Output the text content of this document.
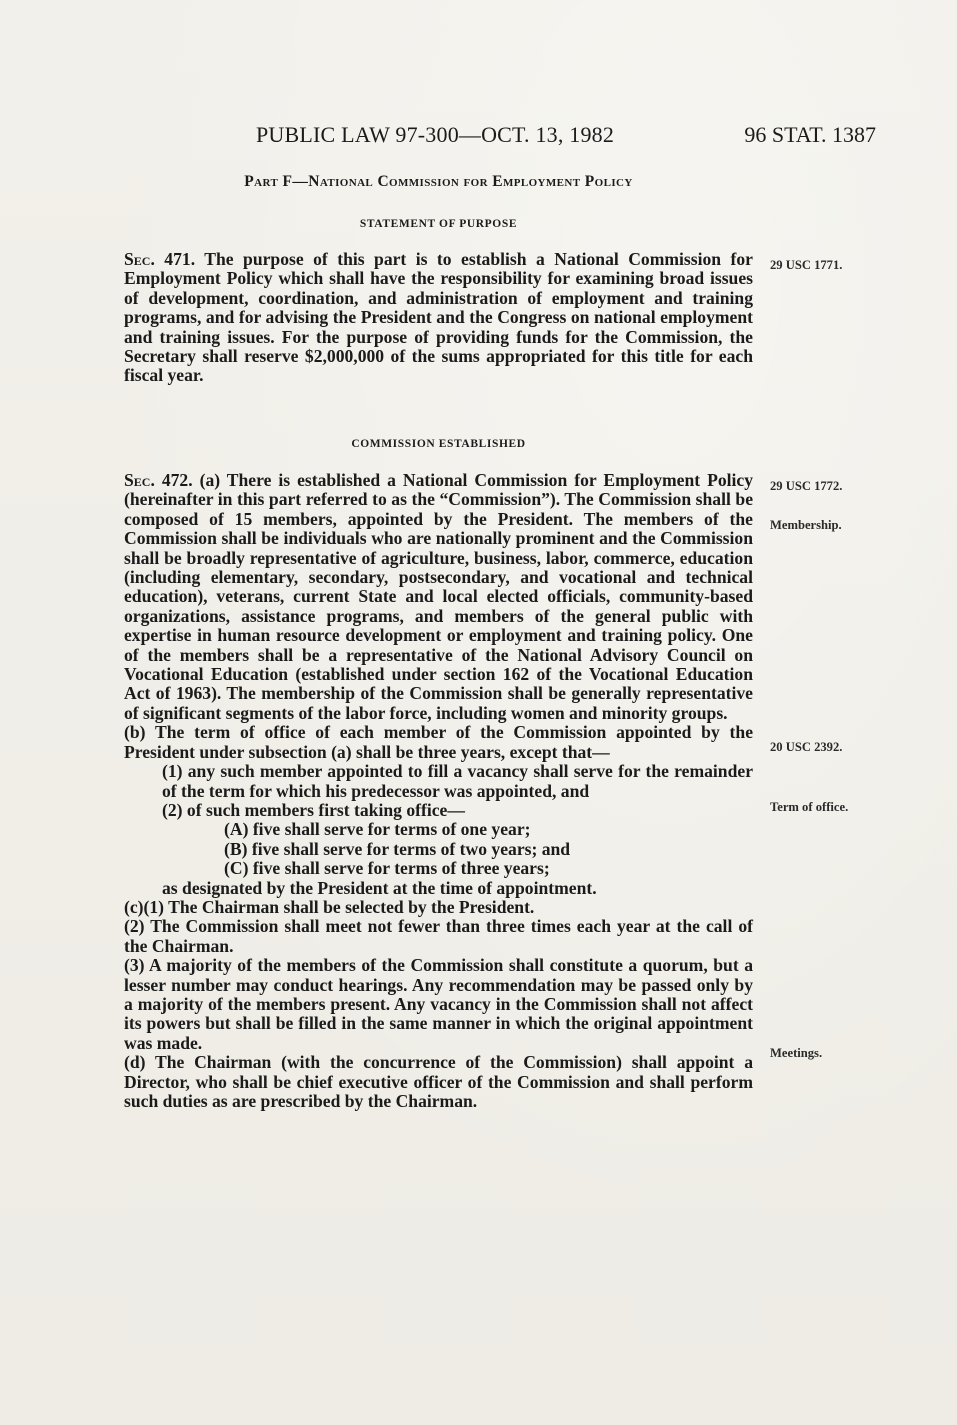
PUBLIC LAW 97-300—OCT. 13, 1982	96 STAT. 1387
Part F—National Commission for Employment Policy
STATEMENT OF PURPOSE

Sec. 471. The purpose of this part is to establish a National Commission for Employment Policy which shall have the responsibility for examining broad issues of development, coordination, and administration of employment and training programs, and for advising the President and the Congress on national employment and training issues. For the purpose of providing funds for the Commission, the Secretary shall reserve $2,000,000 of the sums appropriated for this title for each fiscal year.

COMMISSION ESTABLISHED

Sec. 472. (a) There is established a National Commission for Employment Policy (hereinafter in this part referred to as the “Commission”). The Commission shall be composed of 15 members, appointed by the President. The members of the Commission shall be individuals who are nationally prominent and the Commission shall be broadly representative of agriculture, business, labor, commerce, education (including elementary, secondary, postsecondary, and vocational and technical education), veterans, current State and local elected officials, community-based organizations, assistance programs, and members of the general public with expertise in human resource development or employment and training policy. One of the members shall be a representative of the National Advisory Council on Vocational Education (established under section 162 of the Vocational Education Act of 1963). The membership of the Commission shall be generally representative of significant segments of the labor force, including women and minority groups.

(b) The term of office of each member of the Commission appointed by the President under subsection (a) shall be three years, except that—

(1) any such member appointed to fill a vacancy shall serve for the remainder of the term for which his predecessor was appointed, and

(2) of such members first taking office—

(A) five shall serve for terms of one year;

(B) five shall serve for terms of two years; and

(C) five shall serve for terms of three years;

as designated by the President at the time of appointment.

(c)(1) The Chairman shall be selected by the President.

(2) The Commission shall meet not fewer than three times each year at the call of the Chairman.

(3) A majority of the members of the Commission shall constitute a quorum, but a lesser number may conduct hearings. Any recommendation may be passed only by a majority of the members present. Any vacancy in the Commission shall not affect its powers but shall be filled in the same manner in which the original appointment was made.

(d) The Chairman (with the concurrence of the Commission) shall appoint a Director, who shall be chief executive officer of the Commission and shall perform such duties as are prescribed by the Chairman.

29 USC 1771.
29 USC 1772.
Membership.
20 USC 2392.
Term of office.
Meetings.
